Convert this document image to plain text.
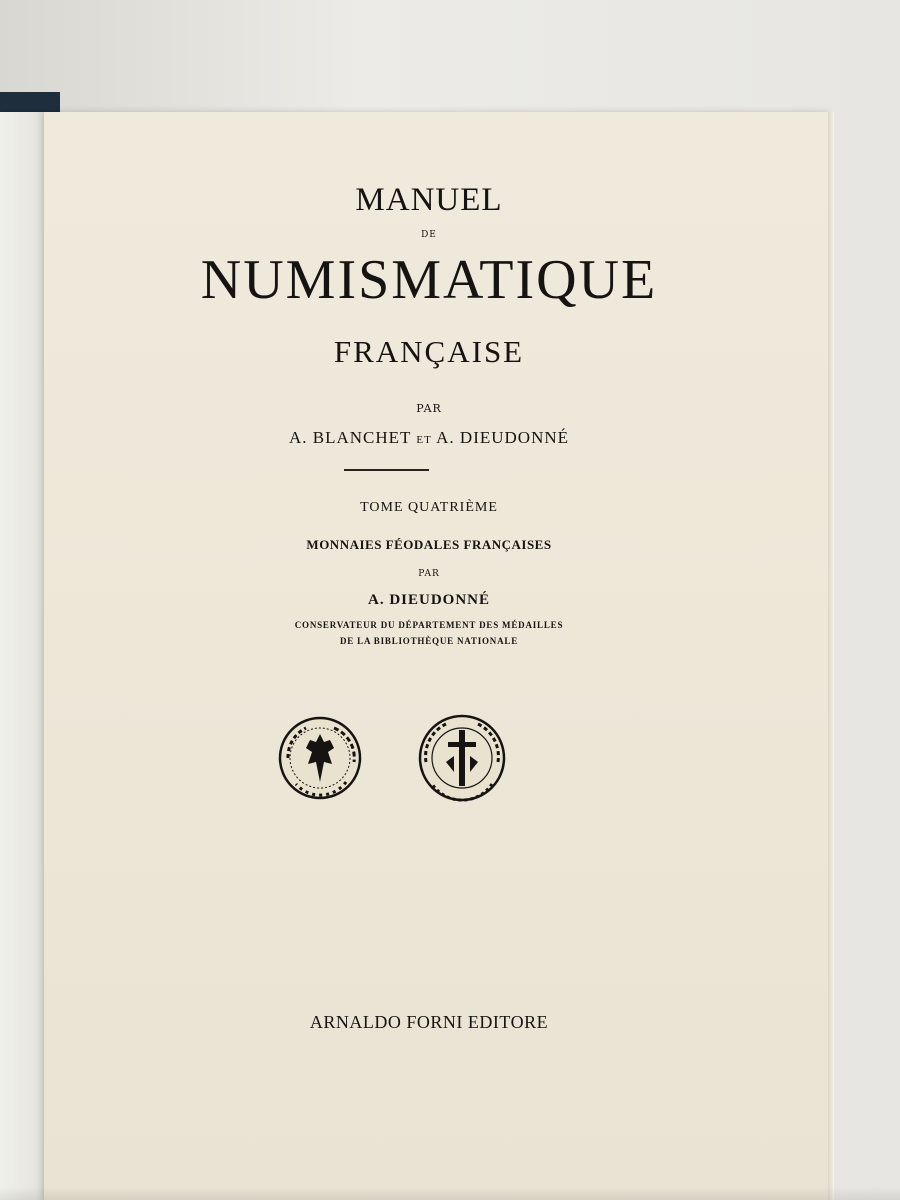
MANUEL
DE
NUMISMATIQUE
FRANÇAISE
PAR
A. BLANCHET ET A. DIEUDONNÉ
TOME QUATRIÈME
MONNAIES FÉODALES FRANÇAISES
PAR
A. DIEUDONNÉ
CONSERVATEUR DU DÉPARTEMENT DES MÉDAILLES
DE LA BIBLIOTHÈQUE NATIONALE
ARNALDO FORNI EDITORE
